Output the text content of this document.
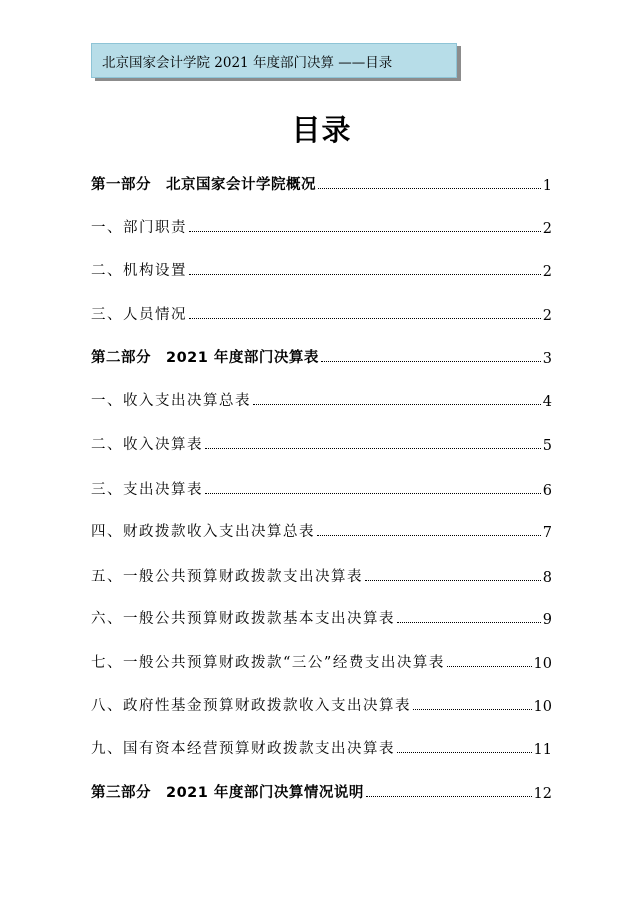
北京国家会计学院 2021 年度部门决算 ——目录
目录
第一部分　北京国家会计学院概况	1
一、部门职责	2
二、机构设置	2
三、人员情况	2
第二部分　2021 年度部门决算表	3
一、收入支出决算总表	4
二、收入决算表	5
三、支出决算表	6
四、财政拨款收入支出决算总表	7
五、一般公共预算财政拨款支出决算表	8
六、一般公共预算财政拨款基本支出决算表	9
七、一般公共预算财政拨款“三公”经费支出决算表	10
八、政府性基金预算财政拨款收入支出决算表	10
九、国有资本经营预算财政拨款支出决算表	11
第三部分　2021 年度部门决算情况说明	12
